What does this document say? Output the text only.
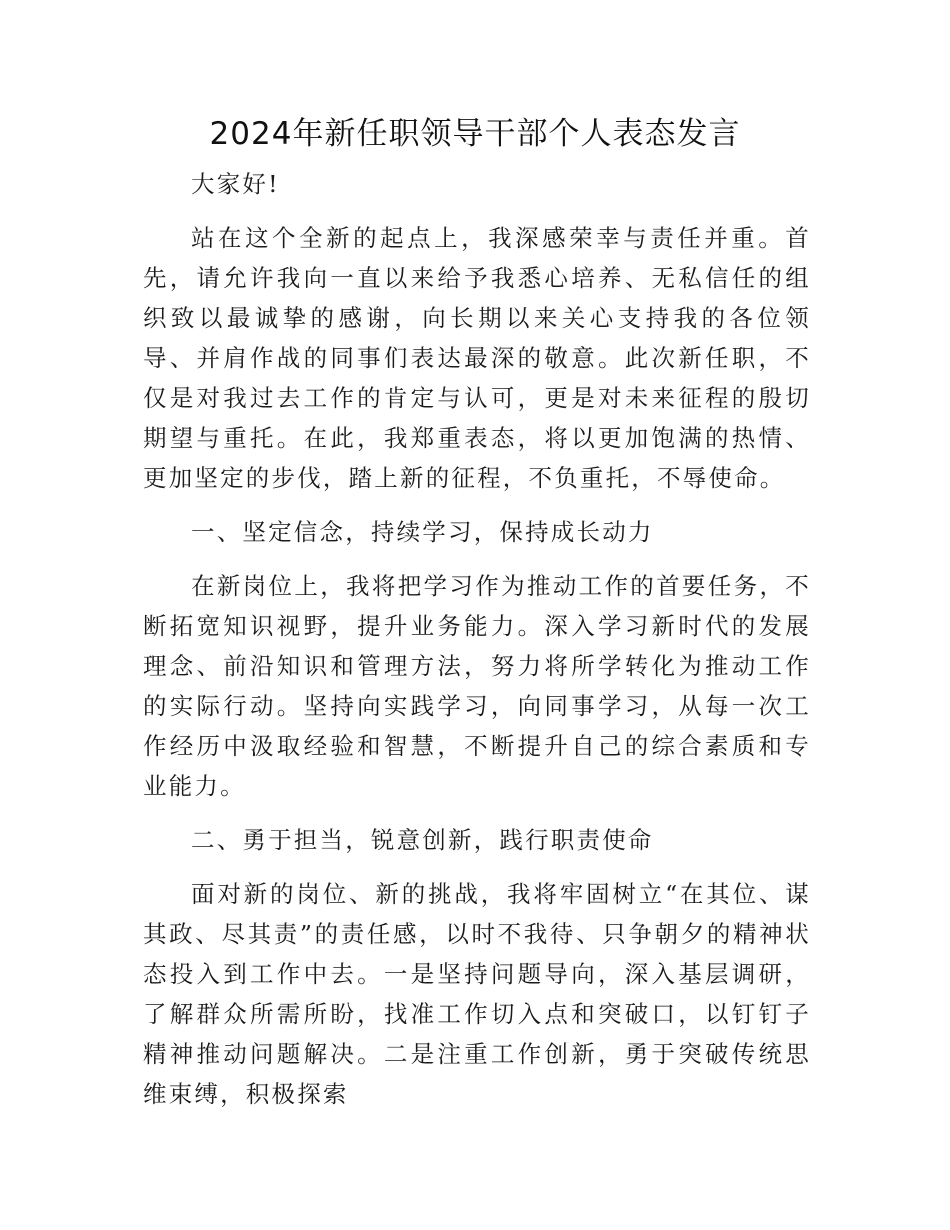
2024年新任职领导干部个人表态发言

大家好!

站在这个全新的起点上，我深感荣幸与责任并重。首先，请允许我向一直以来给予我悉心培养、无私信任的组织致以最诚挚的感谢，向长期以来关心支持我的各位领导、并肩作战的同事们表达最深的敬意。此次新任职，不仅是对我过去工作的肯定与认可，更是对未来征程的殷切期望与重托。在此，我郑重表态，将以更加饱满的热情、更加坚定的步伐，踏上新的征程，不负重托，不辱使命。

一、坚定信念，持续学习，保持成长动力

在新岗位上，我将把学习作为推动工作的首要任务，不断拓宽知识视野，提升业务能力。深入学习新时代的发展理念、前沿知识和管理方法，努力将所学转化为推动工作的实际行动。坚持向实践学习，向同事学习，从每一次工作经历中汲取经验和智慧，不断提升自己的综合素质和专业能力。

二、勇于担当，锐意创新，践行职责使命

面对新的岗位、新的挑战，我将牢固树立“在其位、谋其政、尽其责”的责任感，以时不我待、只争朝夕的精神状态投入到工作中去。一是坚持问题导向，深入基层调研，了解群众所需所盼，找准工作切入点和突破口，以钉钉子精神推动问题解决。二是注重工作创新，勇于突破传统思维束缚，积极探索
